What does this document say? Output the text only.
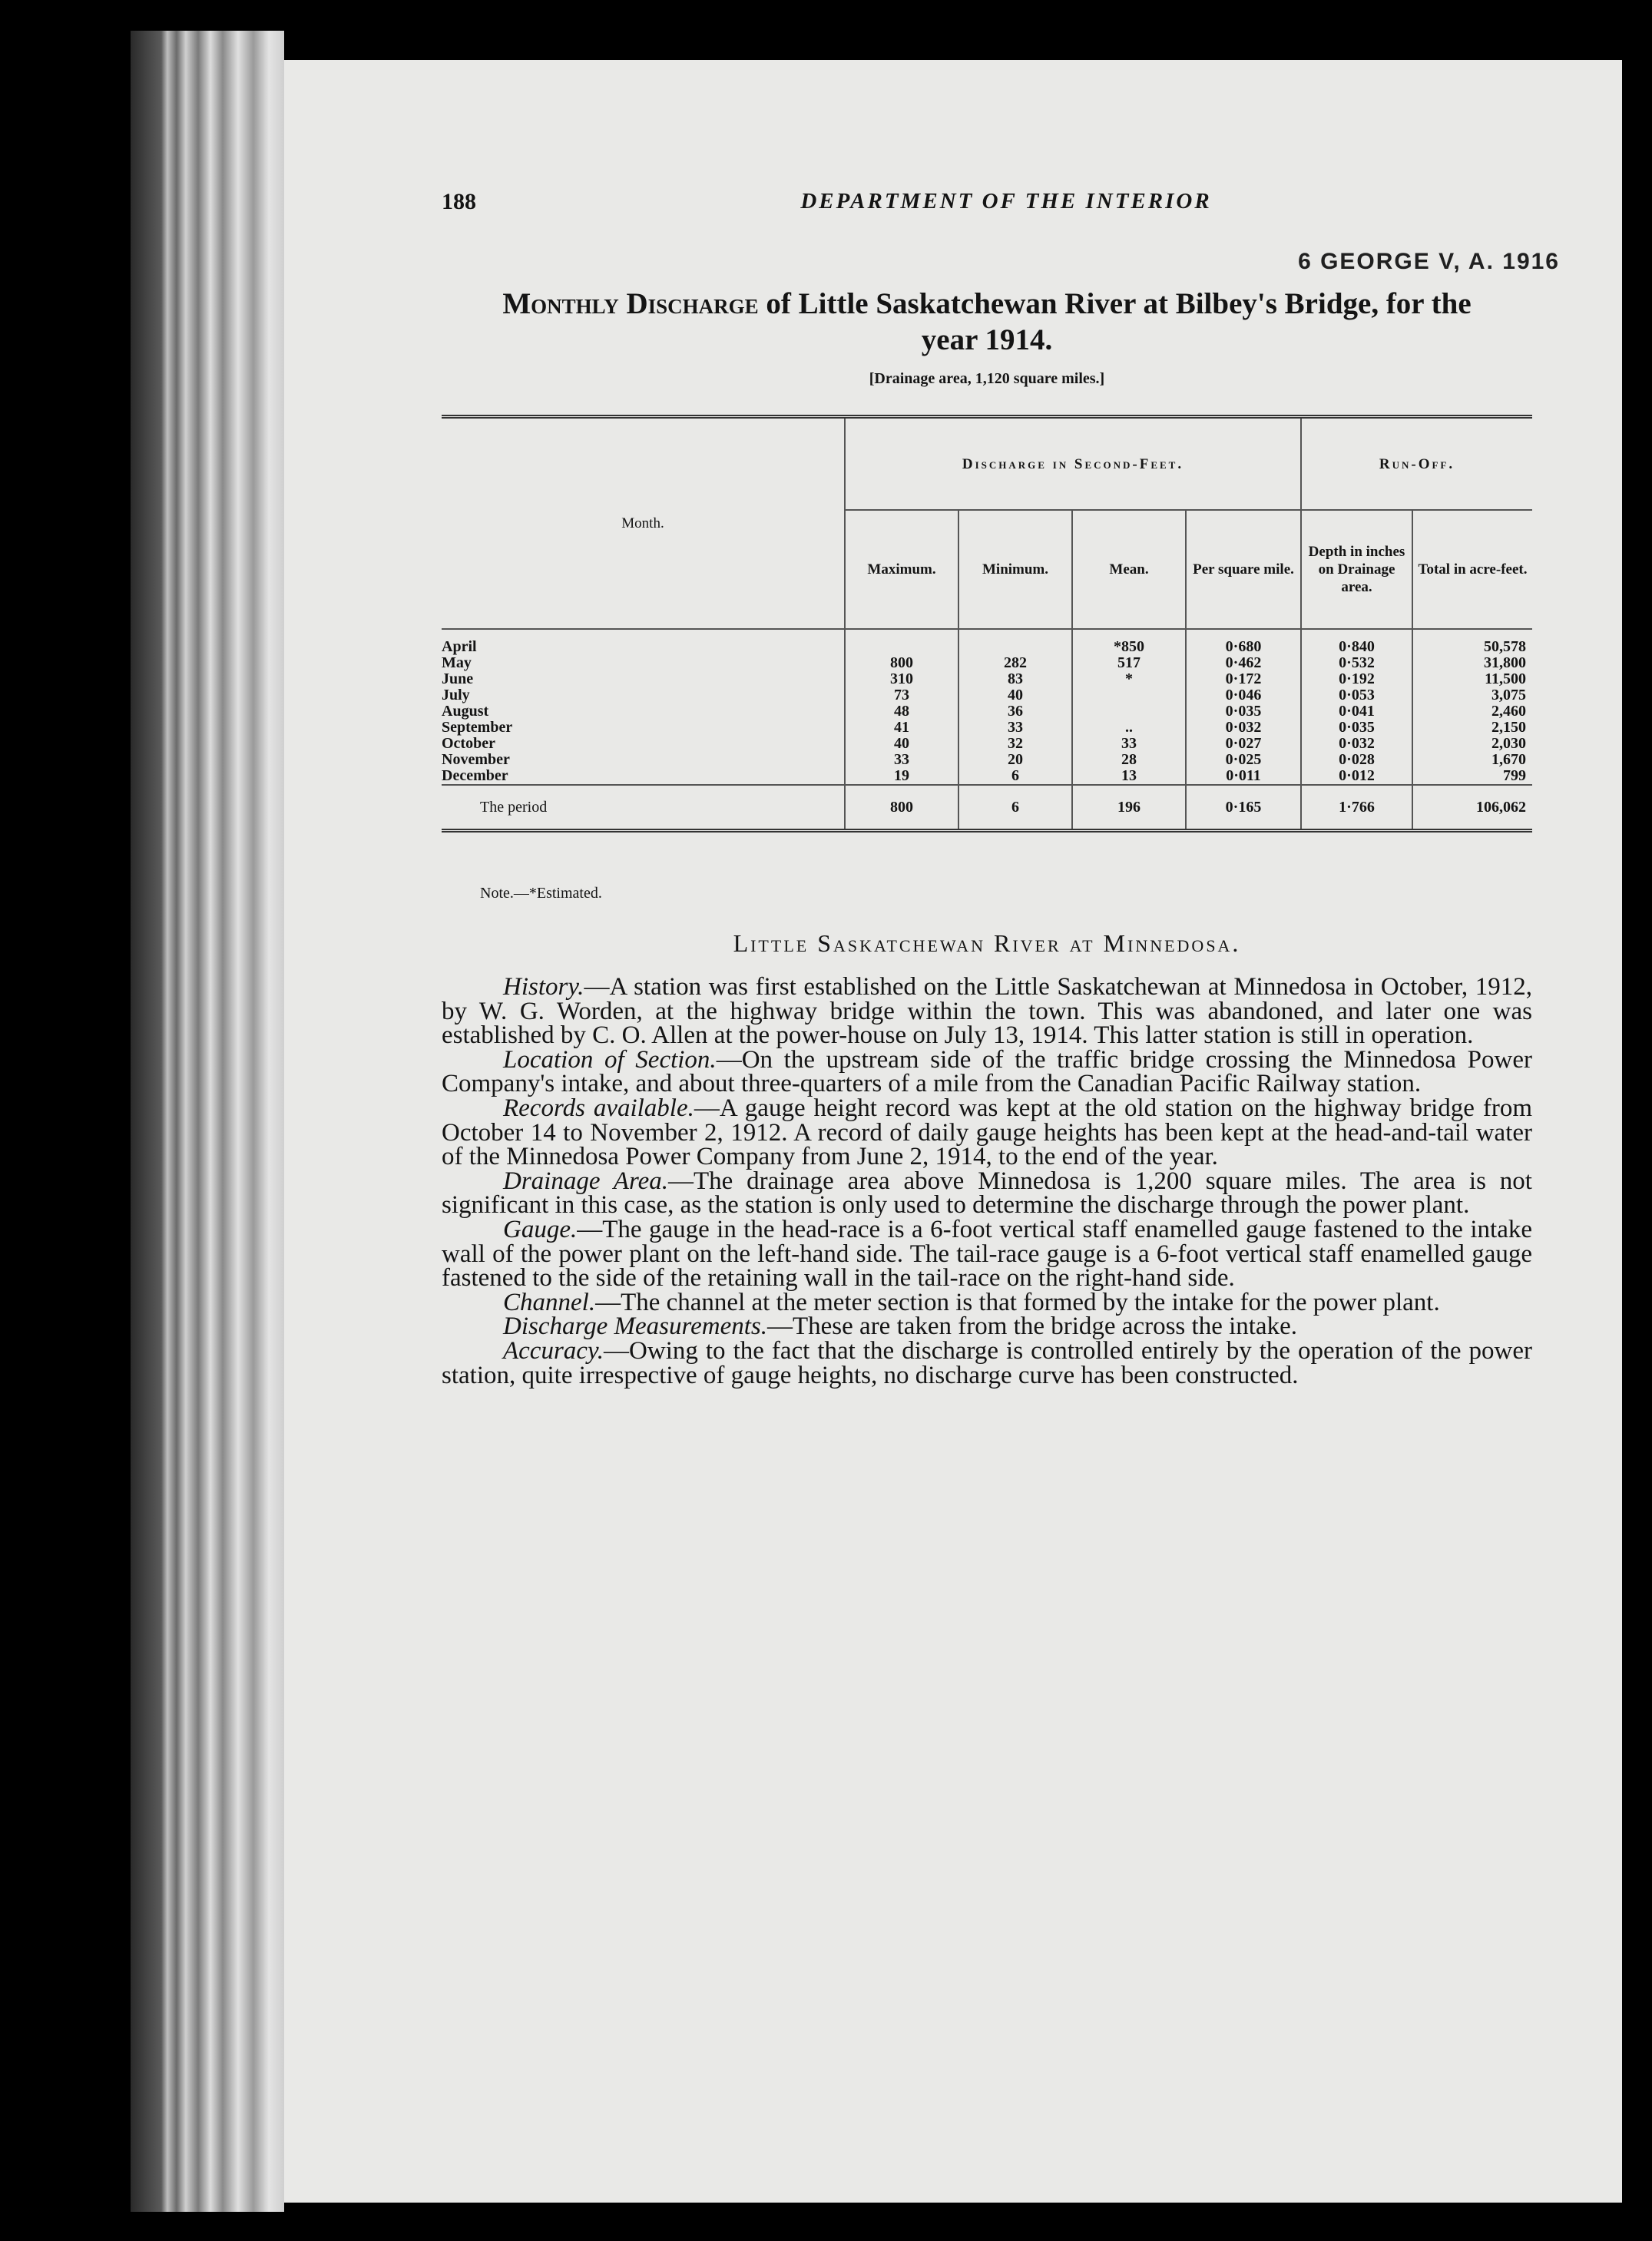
188	DEPARTMENT OF THE INTERIOR
6 GEORGE V, A. 1916
Monthly Discharge of Little Saskatchewan River at Bilbey's Bridge, for the
year 1914.
[Drainage area, 1,120 square miles.]
Month.	Discharge in Second-Feet.				Run-Off.	
	Maximum.	Minimum.	Mean.	Per square mile.	Depth in inches on Drainage area.	Total in acre-feet.
April			*850	0·680	0·840	50,578
May	800	282	517	0·462	0·532	31,800
June	310	83	*	0·172	0·192	11,500
July	73	40		0·046	0·053	3,075
August	48	36		0·035	0·041	2,460
September	41	33	..	0·032	0·035	2,150
October	40	32	33	0·027	0·032	2,030
November	33	20	28	0·025	0·028	1,670
December	19	6	13	0·011	0·012	799
The period	800	6	196	0·165	1·766	106,062
Note.—*Estimated.
Little Saskatchewan River at Minnedosa.

History.—A station was first established on the Little Saskatchewan at Minnedosa in October, 1912, by W. G. Worden, at the highway bridge within the town. This was abandoned, and later one was established by C. O. Allen at the power-house on July 13, 1914. This latter station is still in operation.

Location of Section.—On the upstream side of the traffic bridge crossing the Minnedosa Power Company's intake, and about three-quarters of a mile from the Canadian Pacific Railway station.

Records available.—A gauge height record was kept at the old station on the highway bridge from October 14 to November 2, 1912. A record of daily gauge heights has been kept at the head-and-tail water of the Minnedosa Power Company from June 2, 1914, to the end of the year.

Drainage Area.—The drainage area above Minnedosa is 1,200 square miles. The area is not significant in this case, as the station is only used to determine the discharge through the power plant.

Gauge.—The gauge in the head-race is a 6-foot vertical staff enamelled gauge fastened to the intake wall of the power plant on the left-hand side. The tail-race gauge is a 6-foot vertical staff enamelled gauge fastened to the side of the retaining wall in the tail-race on the right-hand side.

Channel.—The channel at the meter section is that formed by the intake for the power plant.

Discharge Measurements.—These are taken from the bridge across the intake.

Accuracy.—Owing to the fact that the discharge is controlled entirely by the operation of the power station, quite irrespective of gauge heights, no discharge curve has been constructed.
